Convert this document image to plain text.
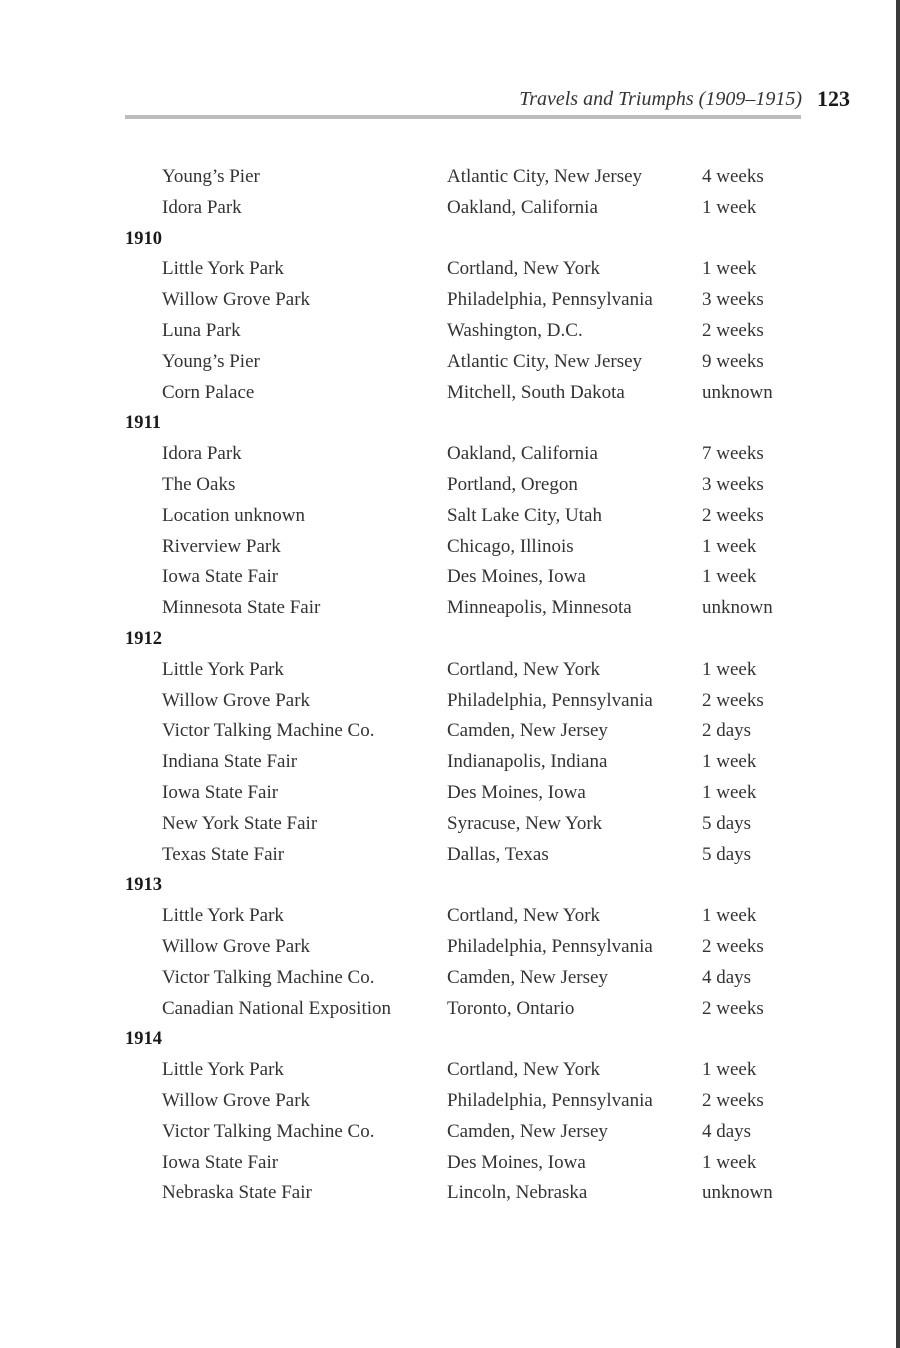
Travels and Triumphs (1909–1915) 123
Young’s Pier	Atlantic City, New Jersey	4 weeks
Idora Park	Oakland, California	1 week
1910
Little York Park	Cortland, New York	1 week
Willow Grove Park	Philadelphia, Pennsylvania	3 weeks
Luna Park	Washington, D.C.	2 weeks
Young’s Pier	Atlantic City, New Jersey	9 weeks
Corn Palace	Mitchell, South Dakota	unknown
1911
Idora Park	Oakland, California	7 weeks
The Oaks	Portland, Oregon	3 weeks
Location unknown	Salt Lake City, Utah	2 weeks
Riverview Park	Chicago, Illinois	1 week
Iowa State Fair	Des Moines, Iowa	1 week
Minnesota State Fair	Minneapolis, Minnesota	unknown
1912
Little York Park	Cortland, New York	1 week
Willow Grove Park	Philadelphia, Pennsylvania	2 weeks
Victor Talking Machine Co.	Camden, New Jersey	2 days
Indiana State Fair	Indianapolis, Indiana	1 week
Iowa State Fair	Des Moines, Iowa	1 week
New York State Fair	Syracuse, New York	5 days
Texas State Fair	Dallas, Texas	5 days
1913
Little York Park	Cortland, New York	1 week
Willow Grove Park	Philadelphia, Pennsylvania	2 weeks
Victor Talking Machine Co.	Camden, New Jersey	4 days
Canadian National Exposition	Toronto, Ontario	2 weeks
1914
Little York Park	Cortland, New York	1 week
Willow Grove Park	Philadelphia, Pennsylvania	2 weeks
Victor Talking Machine Co.	Camden, New Jersey	4 days
Iowa State Fair	Des Moines, Iowa	1 week
Nebraska State Fair	Lincoln, Nebraska	unknown
